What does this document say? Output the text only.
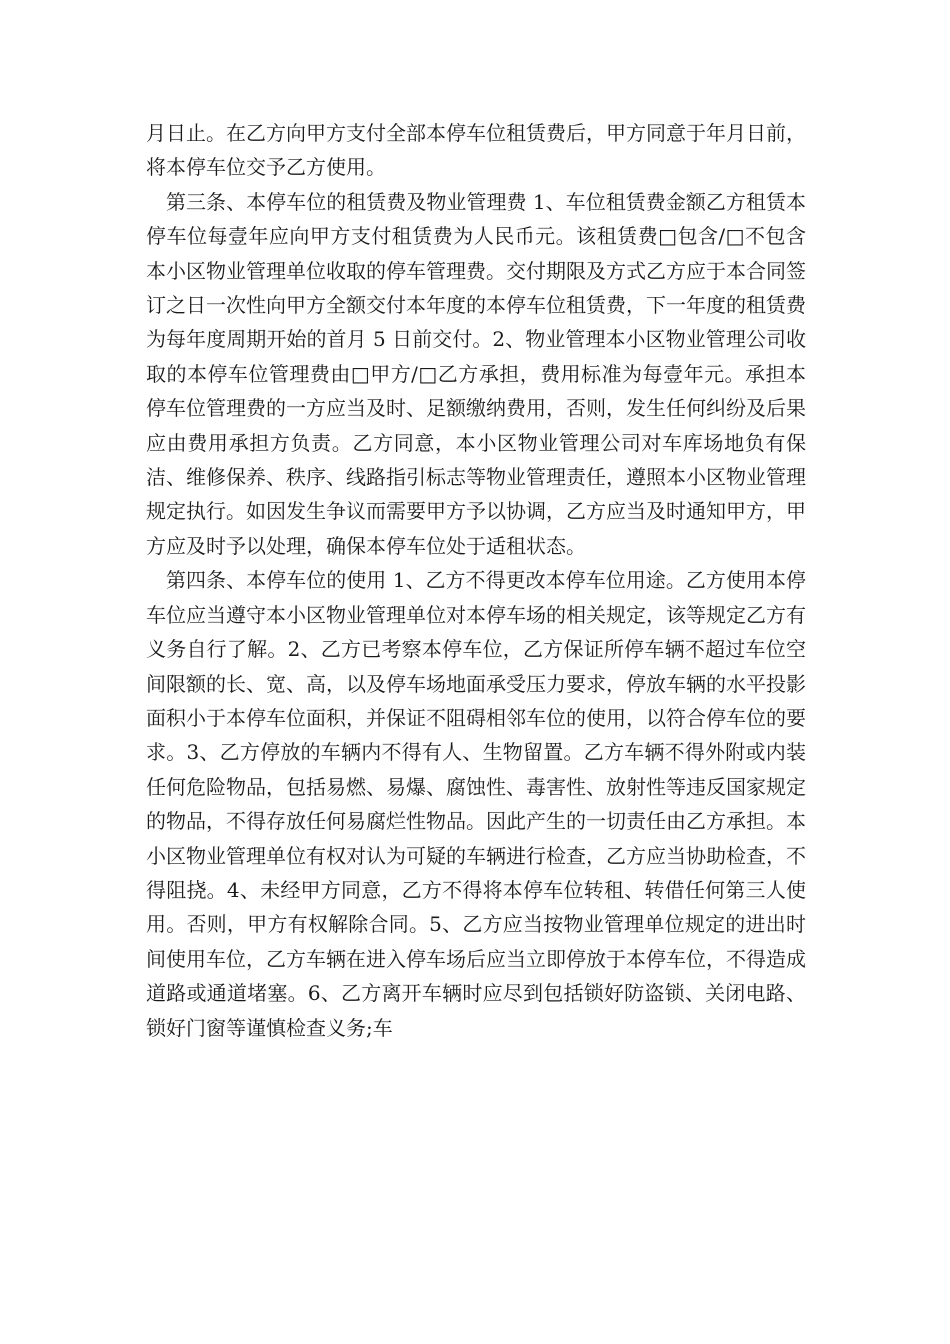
月日止。在乙方向甲方支付全部本停车位租赁费后，甲方同意于年月日前，将本停车位交予乙方使用。

第三条、本停车位的租赁费及物业管理费 1、车位租赁费金额乙方租赁本停车位每壹年应向甲方支付租赁费为人民币元。该租赁费□包含/□不包含本小区物业管理单位收取的停车管理费。交付期限及方式乙方应于本合同签订之日一次性向甲方全额交付本年度的本停车位租赁费，下一年度的租赁费为每年度周期开始的首月 5 日前交付。2、物业管理本小区物业管理公司收取的本停车位管理费由□甲方/□乙方承担，费用标准为每壹年元。承担本停车位管理费的一方应当及时、足额缴纳费用，否则，发生任何纠纷及后果应由费用承担方负责。乙方同意，本小区物业管理公司对车库场地负有保洁、维修保养、秩序、线路指引标志等物业管理责任，遵照本小区物业管理规定执行。如因发生争议而需要甲方予以协调，乙方应当及时通知甲方，甲方应及时予以处理，确保本停车位处于适租状态。

第四条、本停车位的使用 1、乙方不得更改本停车位用途。乙方使用本停车位应当遵守本小区物业管理单位对本停车场的相关规定，该等规定乙方有义务自行了解。2、乙方已考察本停车位，乙方保证所停车辆不超过车位空间限额的长、宽、高，以及停车场地面承受压力要求，停放车辆的水平投影面积小于本停车位面积，并保证不阻碍相邻车位的使用，以符合停车位的要求。3、乙方停放的车辆内不得有人、生物留置。乙方车辆不得外附或内装任何危险物品，包括易燃、易爆、腐蚀性、毒害性、放射性等违反国家规定的物品，不得存放任何易腐烂性物品。因此产生的一切责任由乙方承担。本小区物业管理单位有权对认为可疑的车辆进行检查，乙方应当协助检查，不得阻挠。4、未经甲方同意，乙方不得将本停车位转租、转借任何第三人使用。否则，甲方有权解除合同。5、乙方应当按物业管理单位规定的进出时间使用车位，乙方车辆在进入停车场后应当立即停放于本停车位，不得造成道路或通道堵塞。6、乙方离开车辆时应尽到包括锁好防盗锁、关闭电路、锁好门窗等谨慎检查义务;车
